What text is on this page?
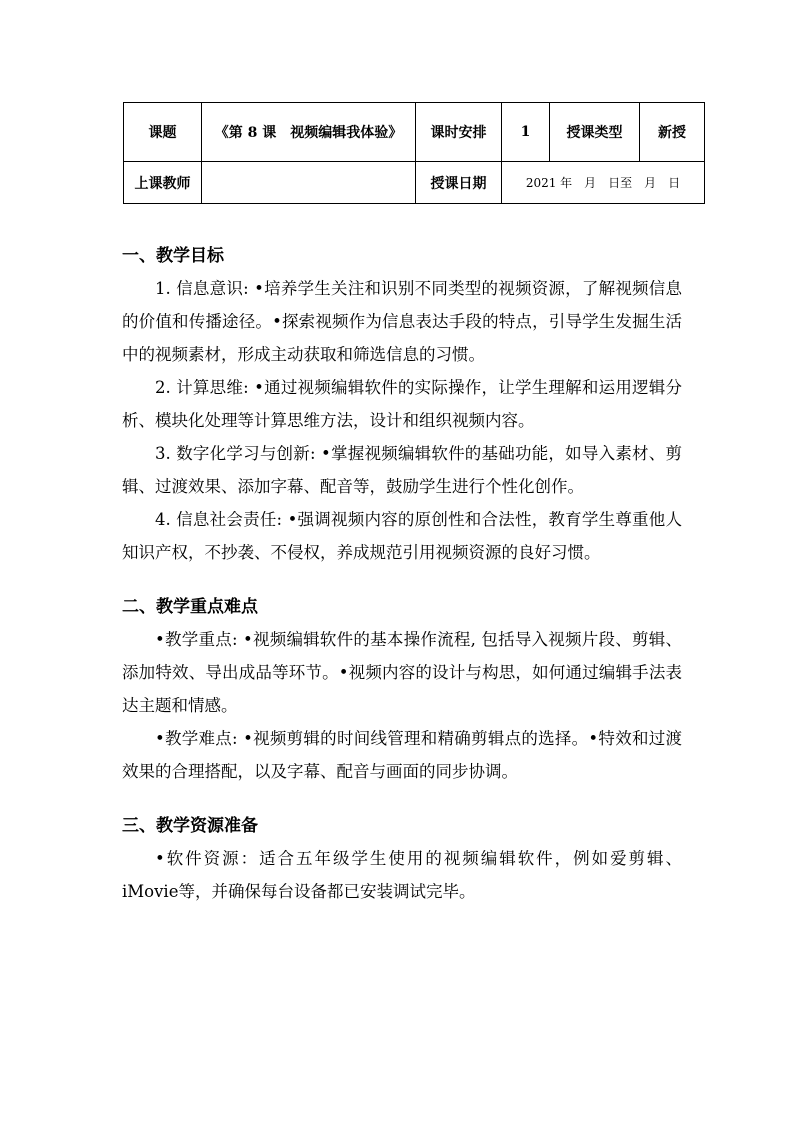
课题	《第 8 课　视频编辑我体验》	课时安排	1	授课类型	新授
上课教师		授课日期	2021 年　月　日至　月　日		

一、教学目标

1. 信息意识: •培养学生关注和识别不同类型的视频资源，了解视频信息的价值和传播途径。•探索视频作为信息表达手段的特点，引导学生发掘生活中的视频素材，形成主动获取和筛选信息的习惯。

2. 计算思维: •通过视频编辑软件的实际操作，让学生理解和运用逻辑分析、模块化处理等计算思维方法，设计和组织视频内容。

3. 数字化学习与创新: •掌握视频编辑软件的基础功能，如导入素材、剪辑、过渡效果、添加字幕、配音等，鼓励学生进行个性化创作。

4. 信息社会责任: •强调视频内容的原创性和合法性，教育学生尊重他人知识产权，不抄袭、不侵权，养成规范引用视频资源的良好习惯。

二、教学重点难点

•教学重点: •视频编辑软件的基本操作流程, 包括导入视频片段、剪辑、添加特效、导出成品等环节。•视频内容的设计与构思，如何通过编辑手法表达主题和情感。

•教学难点: •视频剪辑的时间线管理和精确剪辑点的选择。•特效和过渡效果的合理搭配，以及字幕、配音与画面的同步协调。

三、教学资源准备

•软件资源：适合五年级学生使用的视频编辑软件，例如爱剪辑、iMovie等，并确保每台设备都已安装调试完毕。
